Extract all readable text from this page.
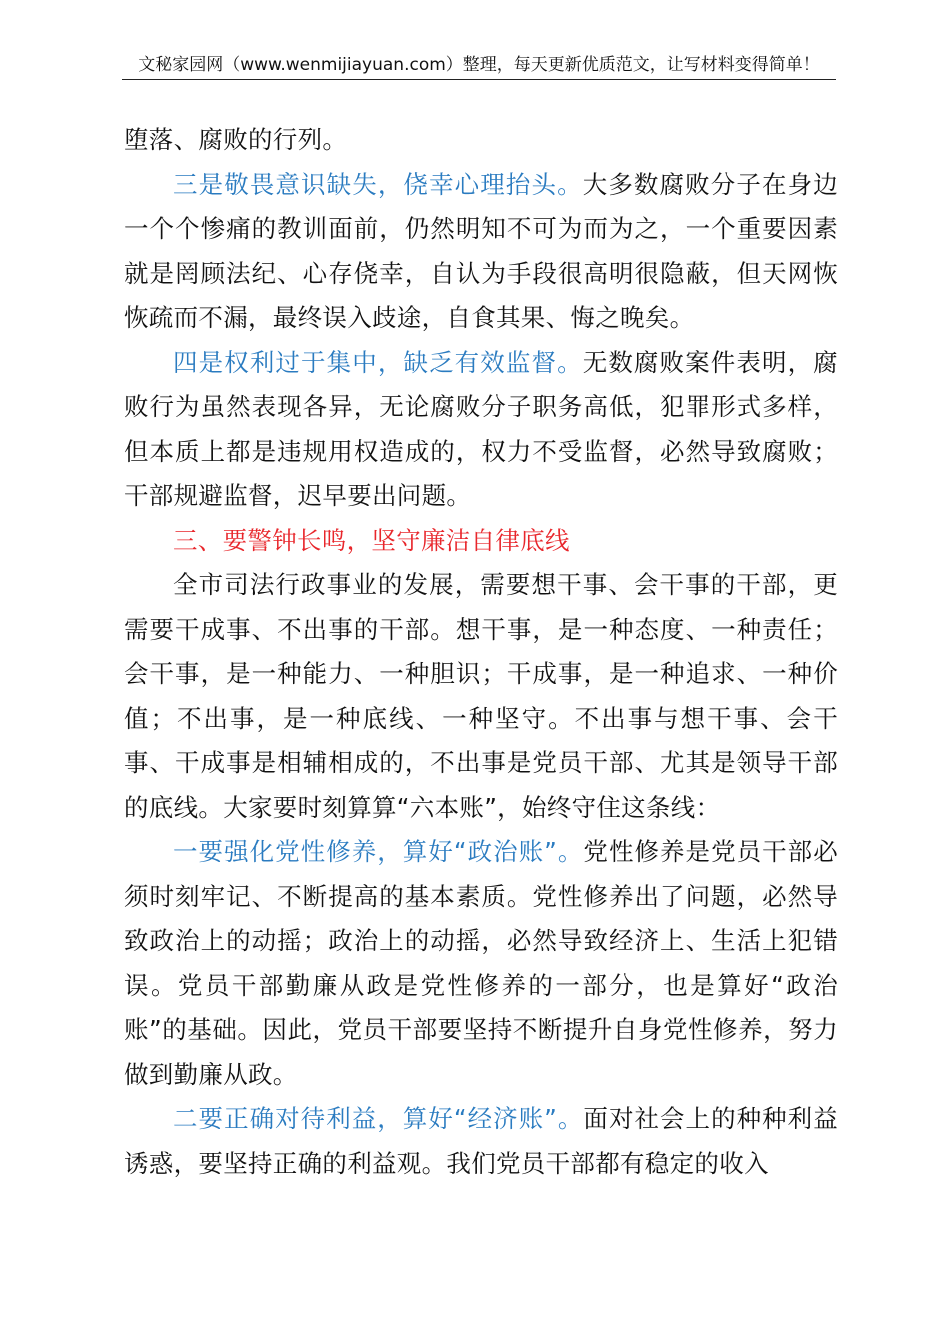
文秘家园网（www.wenmijiayuan.com）整理，每天更新优质范文，让写材料变得简单！

堕落、腐败的行列。

三是敬畏意识缺失，侥幸心理抬头。大多数腐败分子在身边一个个惨痛的教训面前，仍然明知不可为而为之，一个重要因素就是罔顾法纪、心存侥幸，自认为手段很高明很隐蔽，但天网恢恢疏而不漏，最终误入歧途，自食其果、悔之晚矣。

四是权利过于集中，缺乏有效监督。无数腐败案件表明，腐败行为虽然表现各异，无论腐败分子职务高低，犯罪形式多样，但本质上都是违规用权造成的，权力不受监督，必然导致腐败；干部规避监督，迟早要出问题。

三、要警钟长鸣，坚守廉洁自律底线

全市司法行政事业的发展，需要想干事、会干事的干部，更需要干成事、不出事的干部。想干事，是一种态度、一种责任；会干事，是一种能力、一种胆识；干成事，是一种追求、一种价值；不出事，是一种底线、一种坚守。不出事与想干事、会干事、干成事是相辅相成的，不出事是党员干部、尤其是领导干部的底线。大家要时刻算算“六本账”，始终守住这条线：

一要强化党性修养，算好“政治账”。党性修养是党员干部必须时刻牢记、不断提高的基本素质。党性修养出了问题，必然导致政治上的动摇；政治上的动摇，必然导致经济上、生活上犯错误。党员干部勤廉从政是党性修养的一部分，也是算好“政治账”的基础。因此，党员干部要坚持不断提升自身党性修养，努力做到勤廉从政。

二要正确对待利益，算好“经济账”。面对社会上的种种利益诱惑，要坚持正确的利益观。我们党员干部都有稳定的收入
